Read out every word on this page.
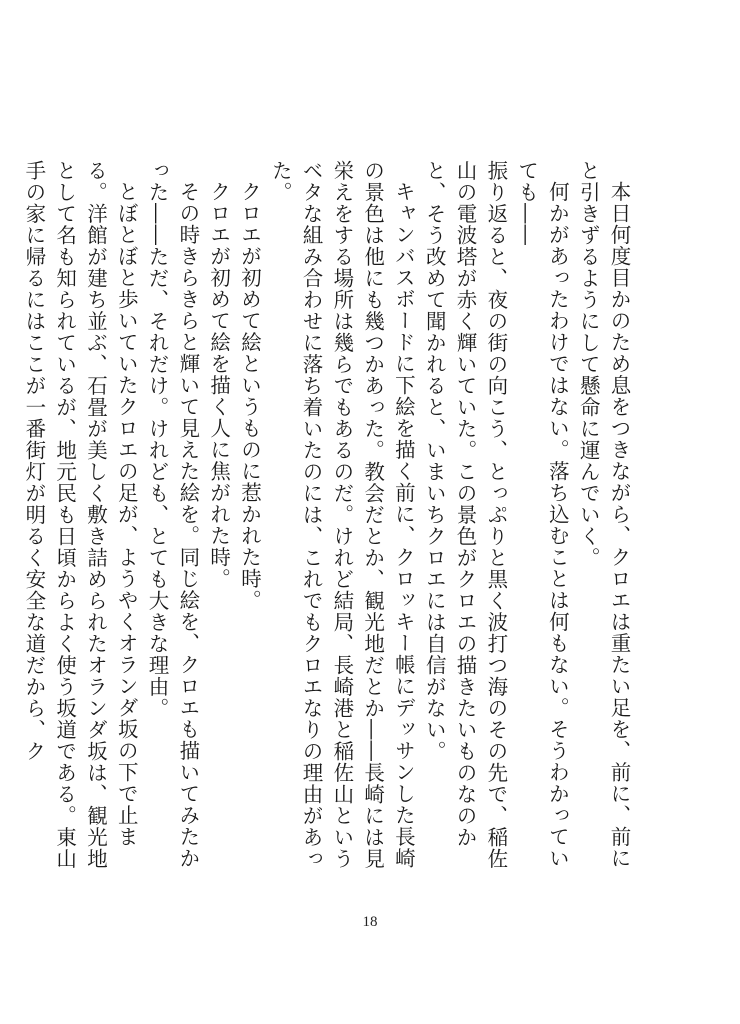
本日何度目かのため息をつきながら、クロエは重たい足を、前に、前にと引きずるようにして懸命に運んでいく。

何かがあったわけではない。落ち込むことは何もない。そうわかっていても――

振り返ると、夜の街の向こう、とっぷりと黒く波打つ海のその先で、稲佐山の電波塔が赤く輝いていた。この景色がクロエの描きたいものなのかと、そう改めて聞かれると、いまいちクロエには自信がない。

キャンバスボードに下絵を描く前に、クロッキー帳にデッサンした長崎の景色は他にも幾つかあった。教会だとか、観光地だとか――長崎には見栄えをする場所は幾らでもあるのだ。けれど結局、長崎港と稲佐山というベタな組み合わせに落ち着いたのには、これでもクロエなりの理由があった。

クロエが初めて絵というものに惹かれた時。

クロエが初めて絵を描く人に焦がれた時。

その時きらきらと輝いて見えた絵を。同じ絵を、クロエも描いてみたかった――ただ、それだけ。けれども、とても大きな理由。

とぼとぼと歩いていたクロエの足が、ようやくオランダ坂の下で止まる。洋館が建ち並ぶ、石畳が美しく敷き詰められたオランダ坂は、観光地として名も知られているが、地元民も日頃からよく使う坂道である。東山手の家に帰るにはここが一番街灯が明るく安全な道だから、ク

18
